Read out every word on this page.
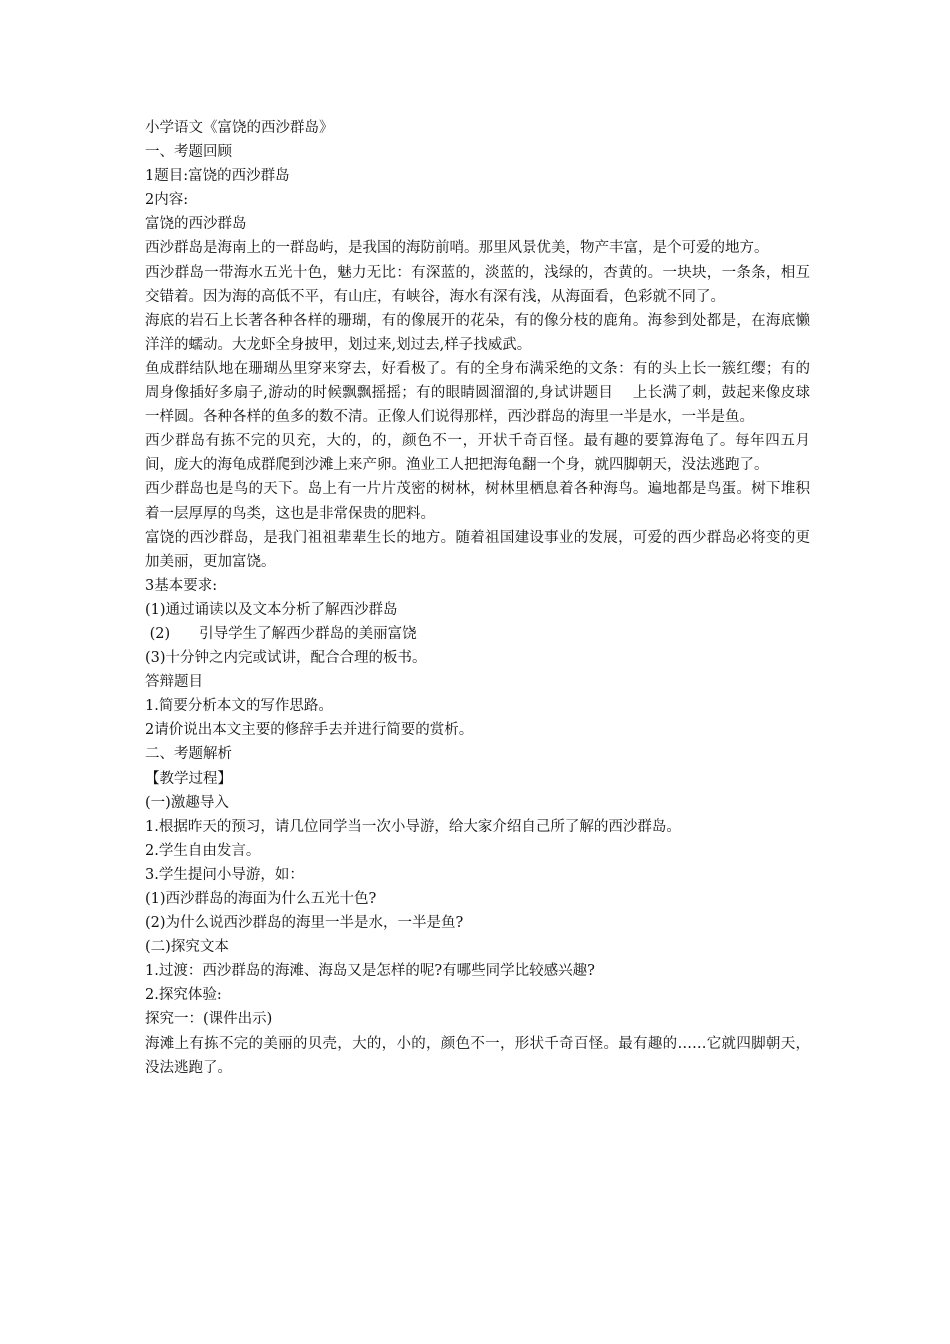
小学语文《富饶的西沙群岛》

一、考题回顾

1题目:富饶的西沙群岛

2内容:

富饶的西沙群岛

西沙群岛是海南上的一群岛屿，是我国的海防前哨。那里风景优美，物产丰富，是个可爱的地方。

西沙群岛一带海水五光十色，魅力无比：有深蓝的，淡蓝的，浅绿的，杏黄的。一块块，一条条，相互交错着。因为海的高低不平，有山庄，有峡谷，海水有深有浅，从海面看，色彩就不同了。

海底的岩石上长著各种各样的珊瑚，有的像展开的花朵，有的像分枝的鹿角。海参到处都是，在海底懒洋洋的蠕动。大龙虾全身披甲，划过来,划过去,样子找威武。

鱼成群结队地在珊瑚丛里穿来穿去，好看极了。有的全身布满采绝的文条：有的头上长一簇红缨；有的周身像插好多扇子,游动的时候飘飘摇摇；有的眼睛圆溜溜的,身试讲题目　 上长满了刺，鼓起来像皮球一样圆。各种各样的鱼多的数不清。正像人们说得那样，西沙群岛的海里一半是水，一半是鱼。

西少群岛有拣不完的贝充，大的，的，颜色不一，开状千奇百怪。最有趣的要算海龟了。每年四五月间，庞大的海龟成群爬到沙滩上来产卵。渔业工人把把海龟翻一个身，就四脚朝天，没法逃跑了。

西少群岛也是鸟的天下。岛上有一片片茂密的树林，树林里栖息着各种海鸟。遍地都是鸟蛋。树下堆积着一层厚厚的鸟类，这也是非常保贵的肥料。

富饶的西沙群岛，是我门祖祖辈辈生长的地方。随着祖国建设事业的发展，可爱的西少群岛必将变的更加美丽，更加富饶。

3基本要求:

(1)通过诵读以及文本分析了解西沙群岛

(2)　　引导学生了解西少群岛的美丽富饶

(3)十分钟之内完或试讲，配合合理的板书。

答辩题目

1.简要分析本文的写作思路。

2请价说出本文主要的修辞手去并进行简要的赏析。

二、考题解析

【教学过程】

(一)激趣导入

1.根据昨天的预习，请几位同学当一次小导游，给大家介绍自己所了解的西沙群岛。

2.学生自由发言。

3.学生提问小导游，如：

(1)西沙群岛的海面为什么五光十色?

(2)为什么说西沙群岛的海里一半是水，一半是鱼?

(二)探究文本

1.过渡：西沙群岛的海滩、海岛又是怎样的呢?有哪些同学比较感兴趣?

2.探究体验:

探究一：(课件出示)

海滩上有拣不完的美丽的贝壳，大的，小的，颜色不一，形状千奇百怪。最有趣的……它就四脚朝天，没法逃跑了。
